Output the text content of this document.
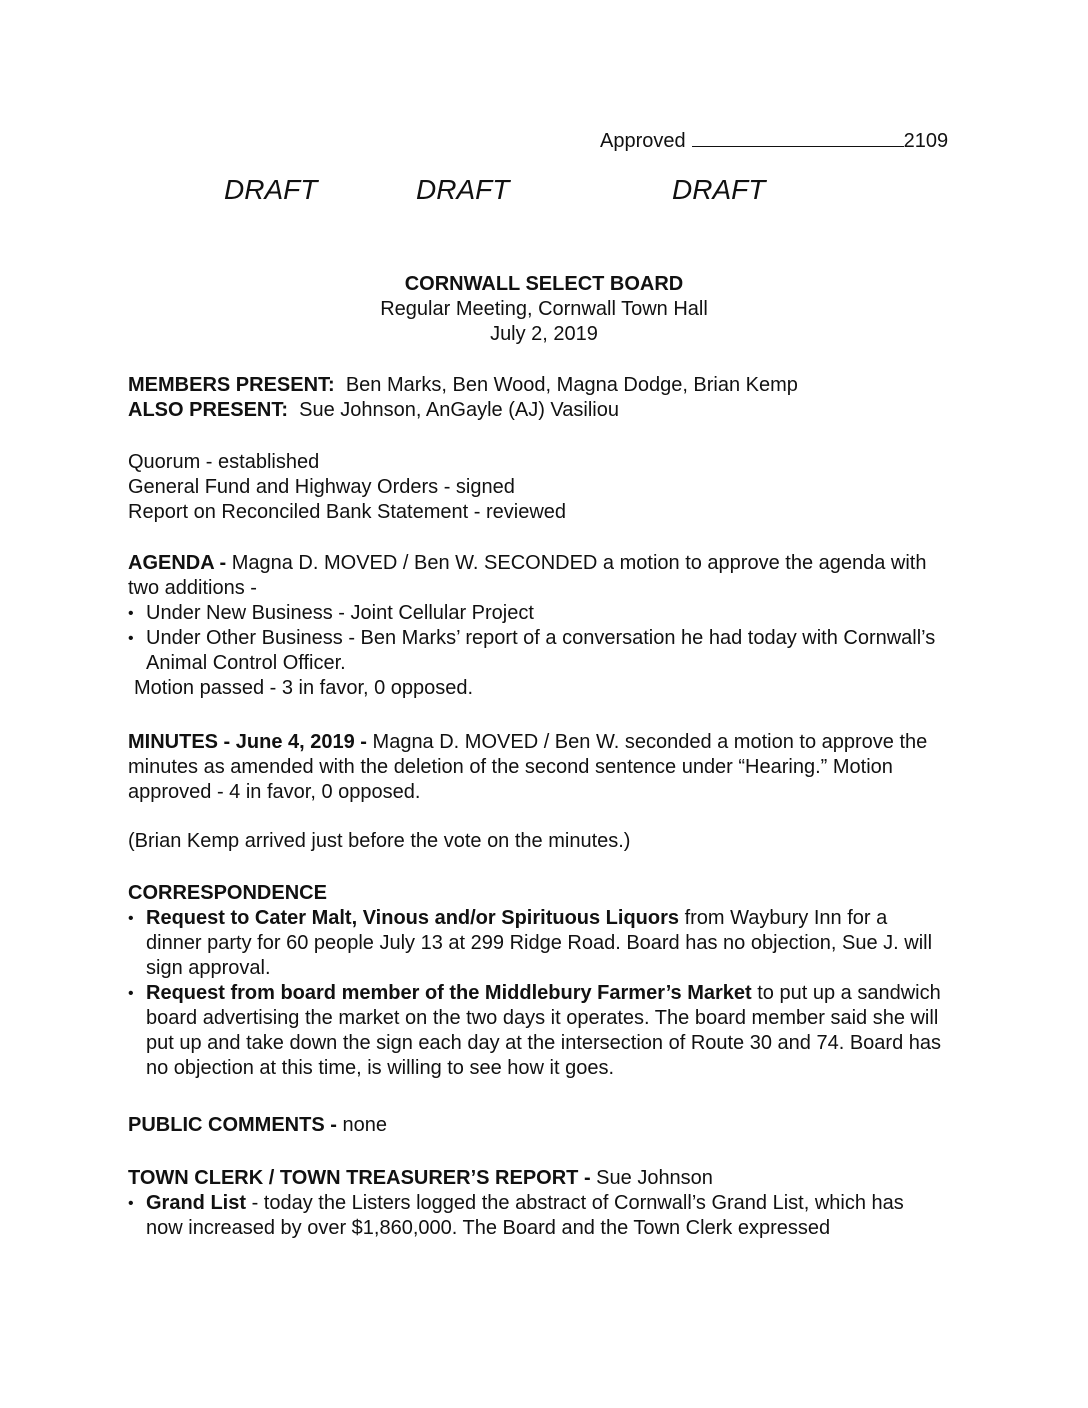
Approved	2109
DRAFT	DRAFT	DRAFT
CORNWALL SELECT BOARD
Regular Meeting, Cornwall Town Hall
July 2, 2019

MEMBERS PRESENT: Ben Marks, Ben Wood, Magna Dodge, Brian Kemp

ALSO PRESENT: Sue Johnson, AnGayle (AJ) Vasiliou

Quorum - established

General Fund and Highway Orders - signed

Report on Reconciled Bank Statement - reviewed

AGENDA - Magna D. MOVED / Ben W. SECONDED a motion to approve the agenda with two additions -

• Under New Business - Joint Cellular Project
• Under Other Business - Ben Marks’ report of a conversation he had today with Cornwall’s Animal Control Officer.

Motion passed - 3 in favor, 0 opposed.

MINUTES - June 4, 2019 - Magna D. MOVED / Ben W. seconded a motion to approve the minutes as amended with the deletion of the second sentence under “Hearing.” Motion approved - 4 in favor, 0 opposed.

(Brian Kemp arrived just before the vote on the minutes.)

CORRESPONDENCE

• Request to Cater Malt, Vinous and/or Spirituous Liquors from Waybury Inn for a dinner party for 60 people July 13 at 299 Ridge Road. Board has no objection, Sue J. will sign approval.
• Request from board member of the Middlebury Farmer’s Market to put up a sandwich board advertising the market on the two days it operates. The board member said she will put up and take down the sign each day at the intersection of Route 30 and 74. Board has no objection at this time, is willing to see how it goes.

PUBLIC COMMENTS - none

TOWN CLERK / TOWN TREASURER’S REPORT - Sue Johnson

• Grand List - today the Listers logged the abstract of Cornwall’s Grand List, which has now increased by over $1,860,000. The Board and the Town Clerk expressed
